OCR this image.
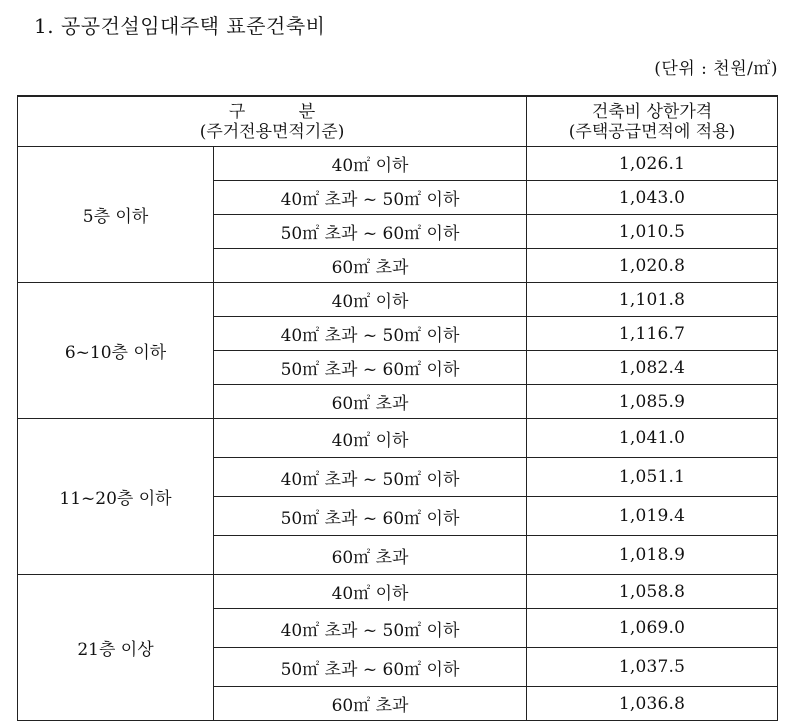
1. 공공건설임대주택 표준건축비
(단위 : 천원/㎡)
구 분
(주거전용면적기준)		건축비 상한가격
(주택공급면적에 적용)
5층 이하	40㎡ 이하	1,026.1
	40㎡ 초과 ~ 50㎡ 이하	1,043.0
	50㎡ 초과 ~ 60㎡ 이하	1,010.5
	60㎡ 초과	1,020.8
6~10층 이하	40㎡ 이하	1,101.8
	40㎡ 초과 ~ 50㎡ 이하	1,116.7
	50㎡ 초과 ~ 60㎡ 이하	1,082.4
	60㎡ 초과	1,085.9
11~20층 이하	40㎡ 이하	1,041.0
	40㎡ 초과 ~ 50㎡ 이하	1,051.1
	50㎡ 초과 ~ 60㎡ 이하	1,019.4
	60㎡ 초과	1,018.9
21층 이상	40㎡ 이하	1,058.8
	40㎡ 초과 ~ 50㎡ 이하	1,069.0
	50㎡ 초과 ~ 60㎡ 이하	1,037.5
	60㎡ 초과	1,036.8
